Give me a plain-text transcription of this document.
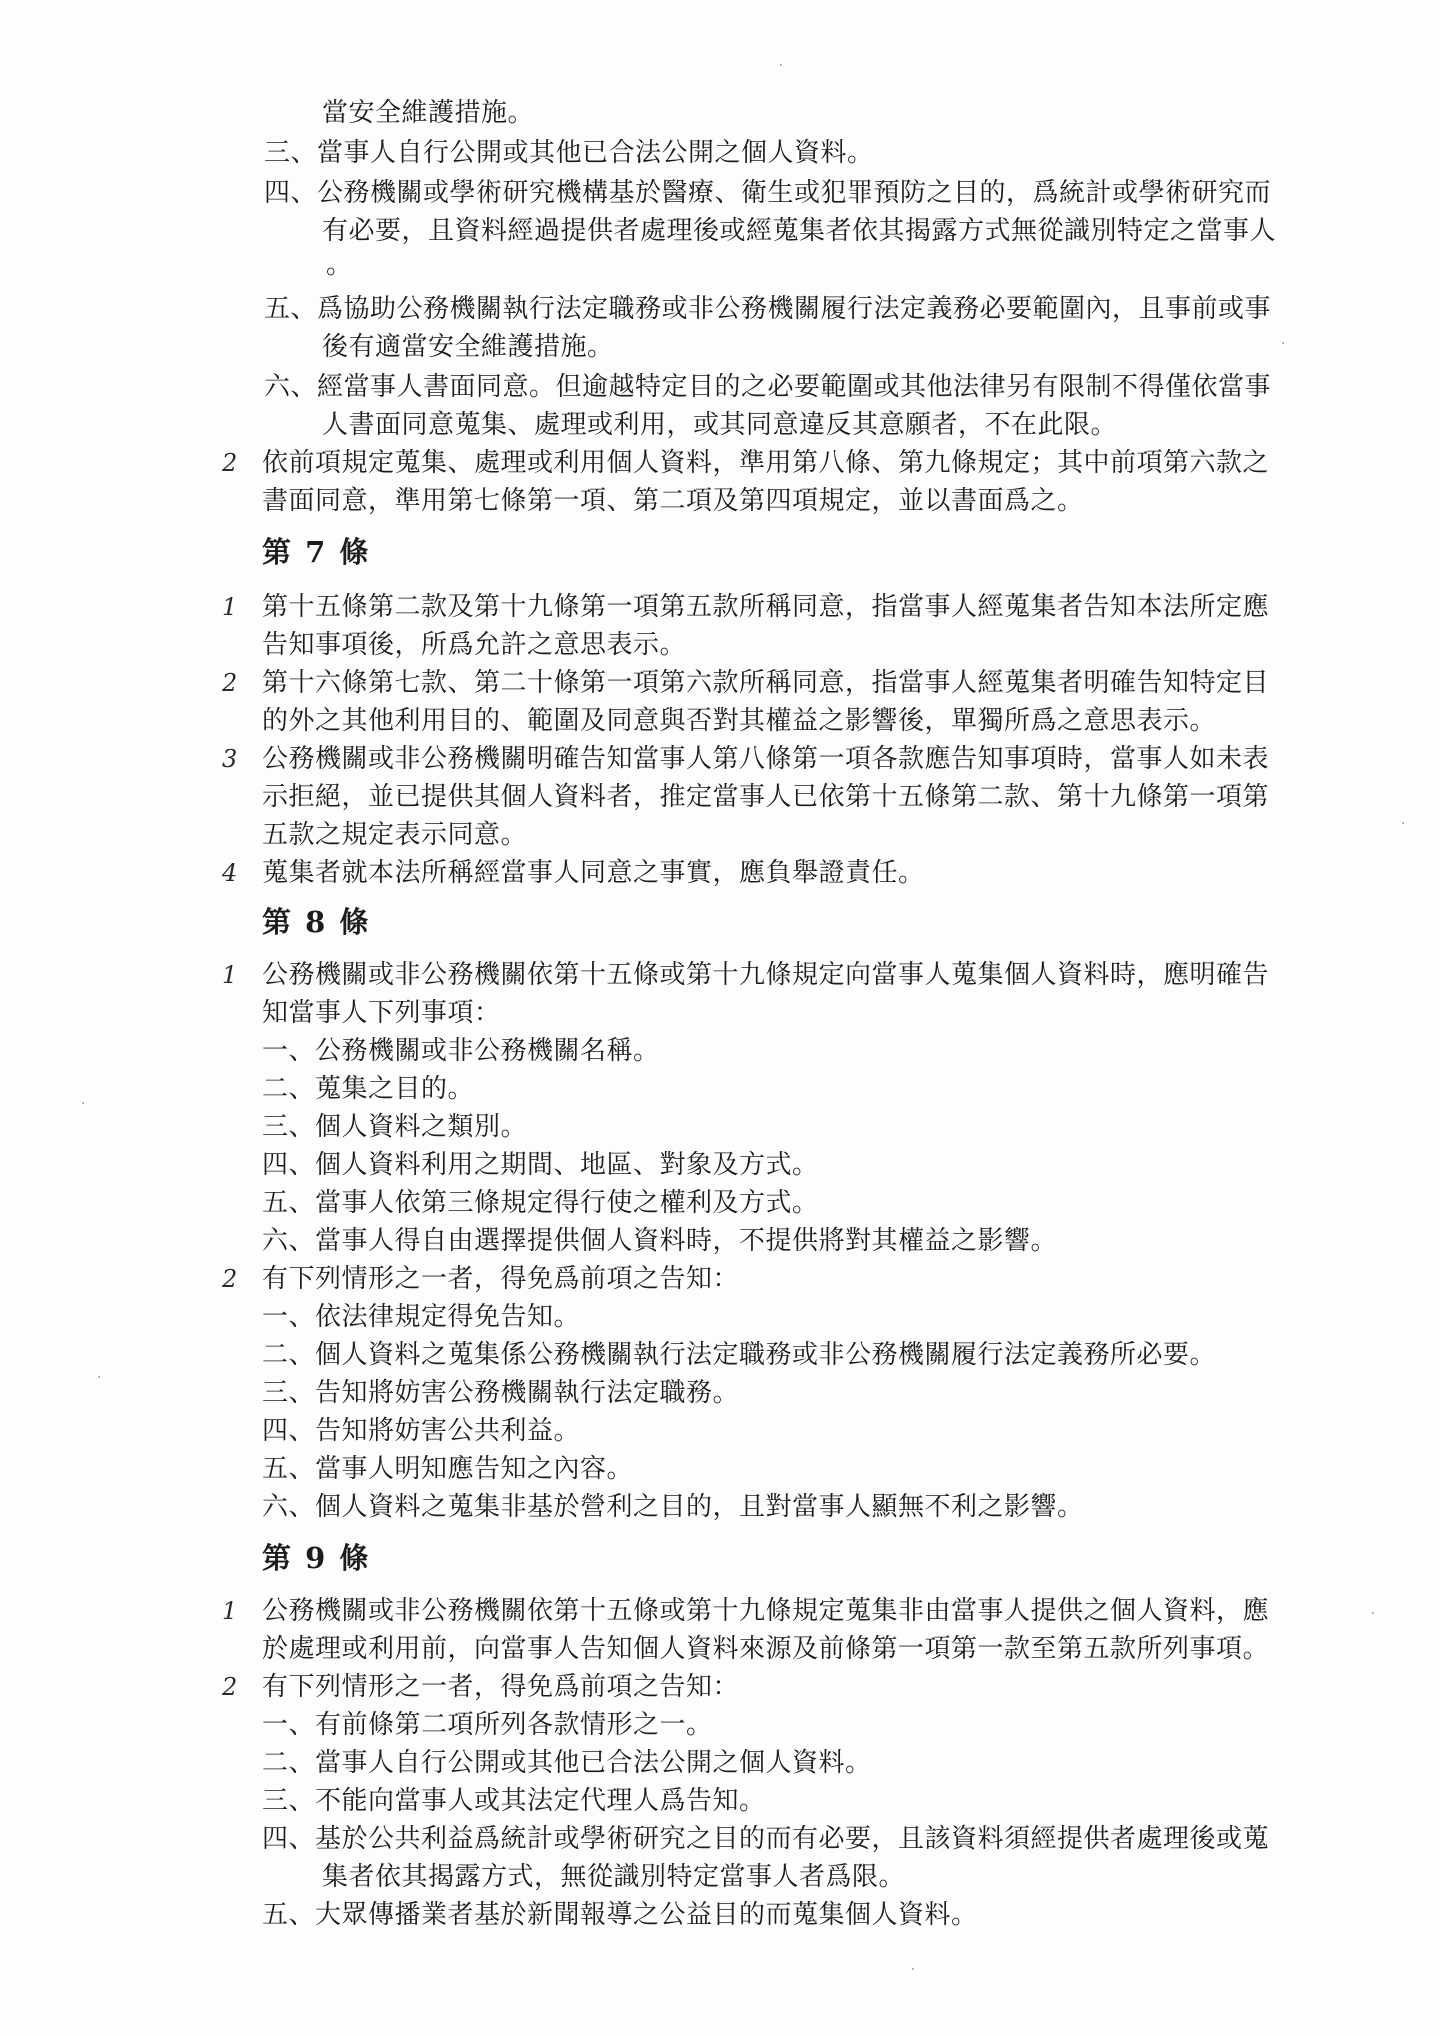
當安全維護措施。
三、當事人自行公開或其他已合法公開之個人資料。
四、公務機關或學術研究機構基於醫療、衛生或犯罪預防之目的，爲統計或學術研究而
有必要，且資料經過提供者處理後或經蒐集者依其揭露方式無從識別特定之當事人
。
五、爲協助公務機關執行法定職務或非公務機關履行法定義務必要範圍內，且事前或事
後有適當安全維護措施。
六、經當事人書面同意。但逾越特定目的之必要範圍或其他法律另有限制不得僅依當事
人書面同意蒐集、處理或利用，或其同意違反其意願者，不在此限。
2 依前項規定蒐集、處理或利用個人資料，準用第八條、第九條規定；其中前項第六款之
書面同意，準用第七條第一項、第二項及第四項規定，並以書面爲之。
第 7 條
1 第十五條第二款及第十九條第一項第五款所稱同意，指當事人經蒐集者告知本法所定應
告知事項後，所爲允許之意思表示。
2 第十六條第七款、第二十條第一項第六款所稱同意，指當事人經蒐集者明確告知特定目
的外之其他利用目的、範圍及同意與否對其權益之影響後，單獨所爲之意思表示。
3 公務機關或非公務機關明確告知當事人第八條第一項各款應告知事項時，當事人如未表
示拒絕，並已提供其個人資料者，推定當事人已依第十五條第二款、第十九條第一項第
五款之規定表示同意。
4 蒐集者就本法所稱經當事人同意之事實，應負舉證責任。
第 8 條
1 公務機關或非公務機關依第十五條或第十九條規定向當事人蒐集個人資料時，應明確告
知當事人下列事項：
一、公務機關或非公務機關名稱。
二、蒐集之目的。
三、個人資料之類別。
四、個人資料利用之期間、地區、對象及方式。
五、當事人依第三條規定得行使之權利及方式。
六、當事人得自由選擇提供個人資料時，不提供將對其權益之影響。
2 有下列情形之一者，得免爲前項之告知：
一、依法律規定得免告知。
二、個人資料之蒐集係公務機關執行法定職務或非公務機關履行法定義務所必要。
三、告知將妨害公務機關執行法定職務。
四、告知將妨害公共利益。
五、當事人明知應告知之內容。
六、個人資料之蒐集非基於營利之目的，且對當事人顯無不利之影響。
第 9 條
1 公務機關或非公務機關依第十五條或第十九條規定蒐集非由當事人提供之個人資料，應
於處理或利用前，向當事人告知個人資料來源及前條第一項第一款至第五款所列事項。
2 有下列情形之一者，得免爲前項之告知：
一、有前條第二項所列各款情形之一。
二、當事人自行公開或其他已合法公開之個人資料。
三、不能向當事人或其法定代理人爲告知。
四、基於公共利益爲統計或學術研究之目的而有必要，且該資料須經提供者處理後或蒐
集者依其揭露方式，無從識別特定當事人者爲限。
五、大眾傳播業者基於新聞報導之公益目的而蒐集個人資料。
